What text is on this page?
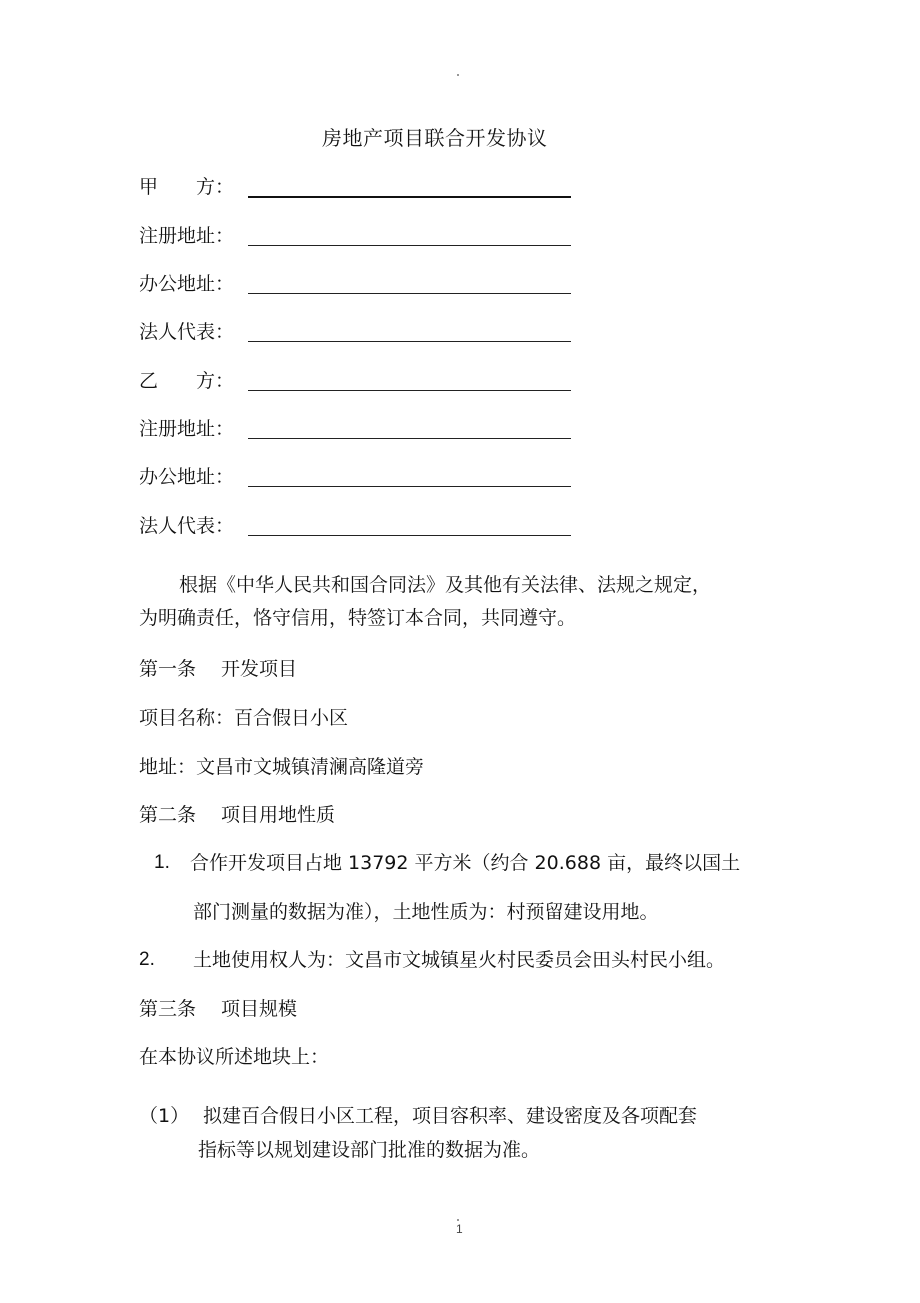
房地产项目联合开发协议
甲　　方：
注册地址：
办公地址：
法人代表：
乙　　方：
注册地址：
办公地址：
法人代表：
根据《中华人民共和国合同法》及其他有关法律、法规之规定，
为明确责任，恪守信用，特签订本合同，共同遵守。
第一条　 开发项目
项目名称：百合假日小区
地址：文昌市文城镇清澜高隆道旁
第二条　 项目用地性质
1. 合作开发项目占地 13792 平方米（约合 20.688 亩，最终以国土
部门测量的数据为准），土地性质为：村预留建设用地。
2. 土地使用权人为：文昌市文城镇星火村民委员会田头村民小组。
第三条　 项目规模
在本协议所述地块上：
（1） 拟建百合假日小区工程，项目容积率、建设密度及各项配套
指标等以规划建设部门批准的数据为准。
1
